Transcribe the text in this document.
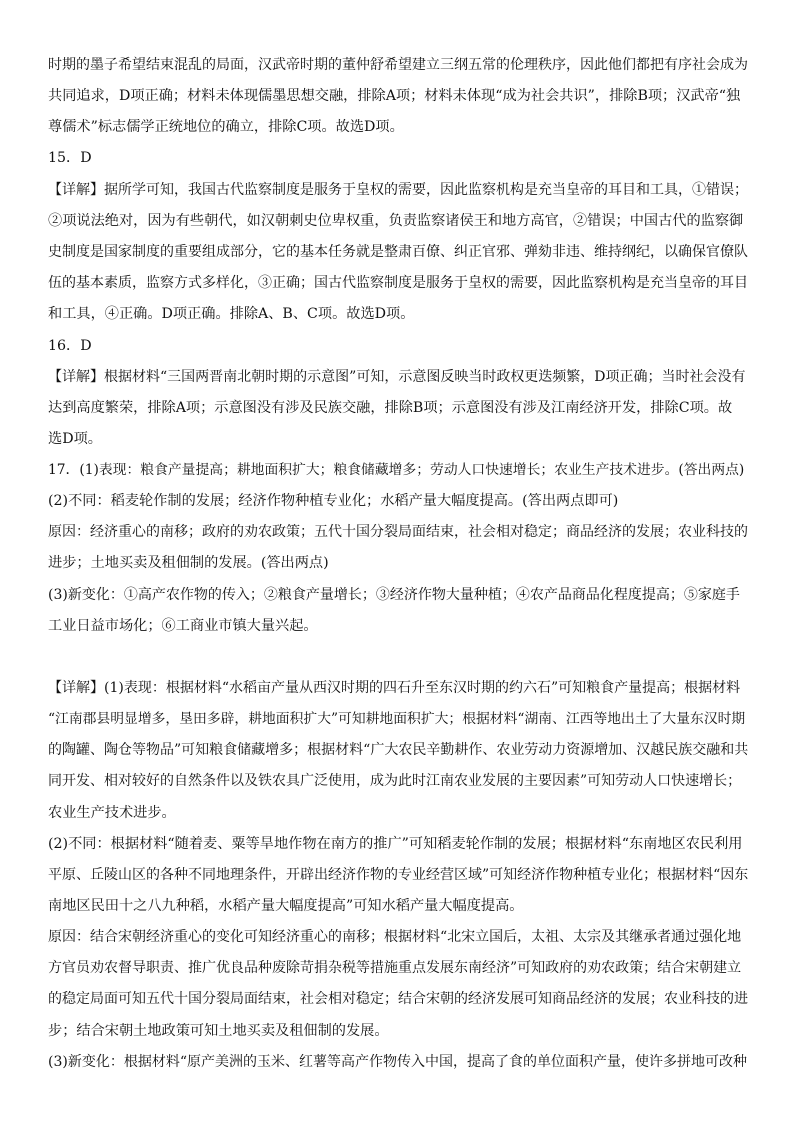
时期的墨子希望结束混乱的局面，汉武帝时期的董仲舒希望建立三纲五常的伦理秩序，因此他们都把有序社会成为
共同追求，D项正确；材料未体现儒墨思想交融，排除A项；材料未体现“成为社会共识”，排除B项；汉武帝“独
尊儒术”标志儒学正统地位的确立，排除C项。故选D项。
15．D
【详解】据所学可知，我国古代监察制度是服务于皇权的需要，因此监察机构是充当皇帝的耳目和工具，①错误；
②项说法绝对，因为有些朝代，如汉朝刺史位卑权重，负责监察诸侯王和地方高官，②错误；中国古代的监察御
史制度是国家制度的重要组成部分，它的基本任务就是整肃百僚、纠正官邪、弹劾非违、维持纲纪，以确保官僚队
伍的基本素质，监察方式多样化，③正确；国古代监察制度是服务于皇权的需要，因此监察机构是充当皇帝的耳目
和工具，④正确。D项正确。排除A、B、C项。故选D项。
16．D
【详解】根据材料“三国两晋南北朝时期的示意图”可知，示意图反映当时政权更迭频繁，D项正确；当时社会没有
达到高度繁荣，排除A项；示意图没有涉及民族交融，排除B项；示意图没有涉及江南经济开发，排除C项。故
选D项。
17．(1)表现：粮食产量提高；耕地面积扩大；粮食储藏增多；劳动人口快速增长；农业生产技术进步。(答出两点)
(2)不同：稻麦轮作制的发展；经济作物种植专业化；水稻产量大幅度提高。(答出两点即可)
原因：经济重心的南移；政府的劝农政策；五代十国分裂局面结束，社会相对稳定；商品经济的发展；农业科技的
进步；土地买卖及租佃制的发展。(答出两点)
(3)新变化：①高产农作物的传入；②粮食产量增长；③经济作物大量种植；④农产品商品化程度提高；⑤家庭手
工业日益市场化；⑥工商业市镇大量兴起。
【详解】(1)表现：根据材料“水稻亩产量从西汉时期的四石升至东汉时期的约六石”可知粮食产量提高；根据材料
“江南郡县明显增多，垦田多辟，耕地面积扩大”可知耕地面积扩大；根据材料“湖南、江西等地出土了大量东汉时期
的陶罐、陶仓等物品”可知粮食储藏增多；根据材料“广大农民辛勤耕作、农业劳动力资源增加、汉越民族交融和共
同开发、相对较好的自然条件以及铁农具广泛使用，成为此时江南农业发展的主要因素”可知劳动人口快速增长；
农业生产技术进步。
(2)不同：根据材料“随着麦、粟等旱地作物在南方的推广”可知稻麦轮作制的发展；根据材料“东南地区农民利用
平原、丘陵山区的各种不同地理条件，开辟出经济作物的专业经营区域”可知经济作物种植专业化；根据材料“因东
南地区民田十之八九种稻，水稻产量大幅度提高”可知水稻产量大幅度提高。
原因：结合宋朝经济重心的变化可知经济重心的南移；根据材料“北宋立国后，太祖、太宗及其继承者通过强化地
方官员劝农督导职责、推广优良品种废除苛捐杂税等措施重点发展东南经济”可知政府的劝农政策；结合宋朝建立
的稳定局面可知五代十国分裂局面结束，社会相对稳定；结合宋朝的经济发展可知商品经济的发展；农业科技的进
步；结合宋朝土地政策可知土地买卖及租佃制的发展。
(3)新变化：根据材料“原产美洲的玉米、红薯等高产作物传入中国，提高了食的单位面积产量，使许多拼地可改种
